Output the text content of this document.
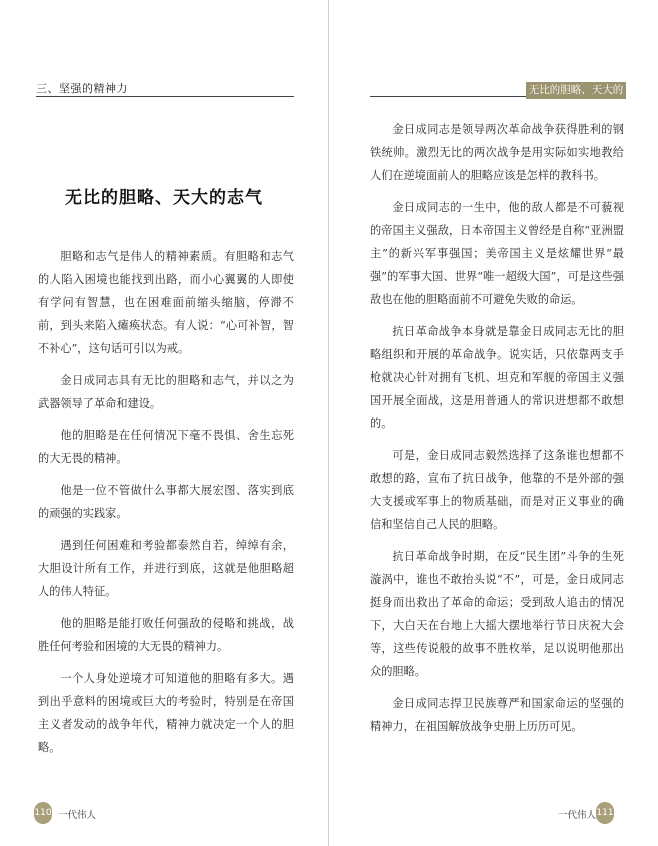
三、坚强的精神力
无比的胆略、天大的志气

胆略和志气是伟人的精神素质。有胆略和志气的人陷入困境也能找到出路，而小心翼翼的人即使有学问有智慧，也在困难面前缩头缩脑，停滞不前，到头来陷入瘫痪状态。有人说：“心可补智，智不补心”，这句话可引以为戒。

金日成同志具有无比的胆略和志气，并以之为武器领导了革命和建设。

他的胆略是在任何情况下毫不畏惧、舍生忘死的大无畏的精神。

他是一位不管做什么事都大展宏图、落实到底的顽强的实践家。

遇到任何困难和考验都泰然自若，绰绰有余，大胆设计所有工作，并进行到底，这就是他胆略超人的伟人特征。

他的胆略是能打败任何强敌的侵略和挑战，战胜任何考验和困境的大无畏的精神力。

一个人身处逆境才可知道他的胆略有多大。遇到出乎意料的困境或巨大的考验时，特别是在帝国主义者发动的战争年代，精神力就决定一个人的胆略。

110 一代伟人
无比的胆略、天大的志气

金日成同志是领导两次革命战争获得胜利的钢铁统帅。激烈无比的两次战争是用实际如实地教给人们在逆境面前人的胆略应该是怎样的教科书。

金日成同志的一生中，他的敌人都是不可藐视的帝国主义强敌，日本帝国主义曾经是自称“亚洲盟主”的新兴军事强国；美帝国主义是炫耀世界“最强”的军事大国、世界“唯一超级大国”，可是这些强敌也在他的胆略面前不可避免失败的命运。

抗日革命战争本身就是靠金日成同志无比的胆略组织和开展的革命战争。说实话，只依靠两支手枪就决心针对拥有飞机、坦克和军舰的帝国主义强国开展全面战，这是用普通人的常识进想都不敢想的。

可是，金日成同志毅然选择了这条谁也想都不敢想的路，宣布了抗日战争，他靠的不是外部的强大支援或军事上的物质基础，而是对正义事业的确信和坚信自己人民的胆略。

抗日革命战争时期，在反“民生团”斗争的生死漩涡中，谁也不敢抬头说“不”，可是，金日成同志挺身而出救出了革命的命运；受到敌人追击的情况下，大白天在台地上大摇大摆地举行节日庆祝大会等，这些传说般的故事不胜枚举，足以说明他那出众的胆略。

金日成同志捍卫民族尊严和国家命运的坚强的精神力，在祖国解放战争史册上历历可见。

一代伟人 111
